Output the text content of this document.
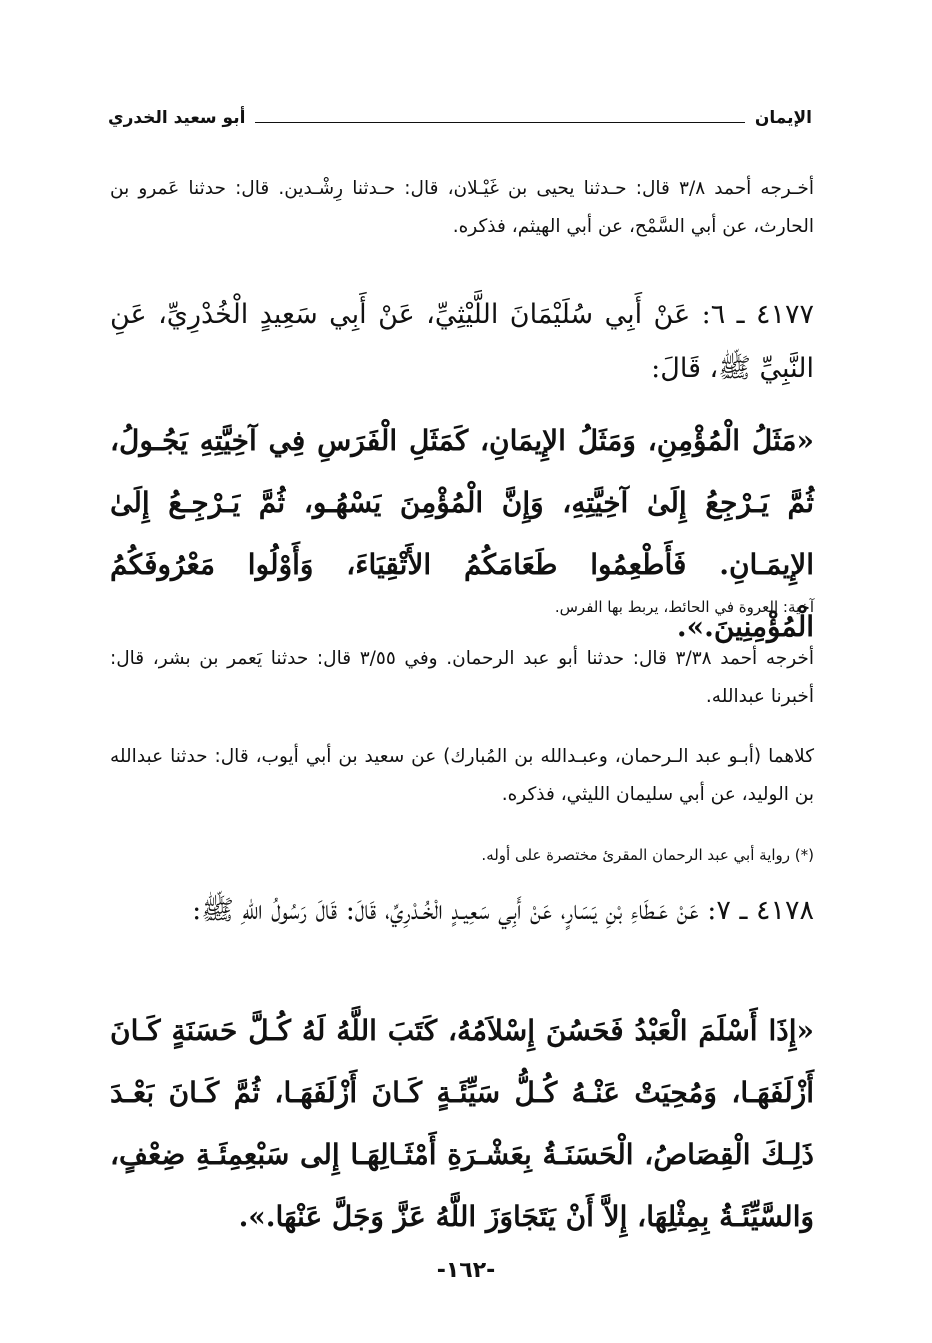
الإيمان
أبو سعيد الخدري

أخـرجه أحمد ٣/٨ قال: حـدثنا يحيى بن غَيْـلان، قال: حـدثنا رِشْـدين. قال: حدثنا عَمرو بن الحارث، عن أبي السَّمْح، عن أبي الهيثم، فذكره.

٤١٧٧ ـ ٦: عَنْ أَبِي سُلَيْمَانَ اللَّيْثِيِّ، عَنْ أَبِي سَعِيدٍ الْخُدْرِيِّ، عَنِ النَّبِيِّ ﷺ، قَالَ:

«مَثَلُ الْمُؤْمِنِ، وَمَثَلُ الإِيمَانِ، كَمَثَلِ الْفَرَسِ فِي آخِيَّتِهِ يَجُـولُ، ثُمَّ يَـرْجِعُ إِلَىٰ آخِيَّتِهِ، وَإِنَّ الْمُؤْمِنَ يَسْهُـو، ثُمَّ يَـرْجِـعُ إِلَىٰ الإِيمَـانِ. فَأَطْعِمُوا طَعَامَكُمُ الأَتْقِيَاءَ، وَأَوْلُوا مَعْرُوفَكُمُ الْمُؤْمِنِينَ.».

آخية: العروة في الحائط، يربط بها الفرس.

أخرجه أحمد ٣/٣٨ قال: حدثنا أبو عبد الرحمان. وفي ٣/٥٥ قال: حدثنا يَعمر بن بشر، قال: أخبرنا عبدالله.

كلاهما (أبـو عبد الـرحمان، وعبـدالله بن المُبارك) عن سعيد بن أبي أيوب، قال: حدثنا عبدالله بن الوليد، عن أبي سليمان الليثي، فذكره.

(*) رواية أبي عبد الرحمان المقرئ مختصرة على أوله.

٤١٧٨ ـ ٧: عَنْ عَـطَاءِ بْنِ يَسَارٍ، عَنْ أَبِي سَعِيـدٍ الْخُـدْرِيِّ، قَالَ: قَالَ رَسُولُ اللهِ ﷺ:

«إِذَا أَسْلَمَ الْعَبْدُ فَحَسُنَ إِسْلاَمُهُ، كَتَبَ اللَّهُ لَهُ كُـلَّ حَسَنَةٍ كَـانَ أَزْلَفَهَـا، وَمُحِيَتْ عَنْـهُ كُـلُّ سَيِّئَـةٍ كَـانَ أَزْلَفَهَـا، ثُمَّ كَـانَ بَعْـدَ ذَلِـكَ الْقِصَاصُ، الْحَسَنَـةُ بِعَشْـرَةِ أَمْثَـالِهَـا إِلى سَبْعِمِئَـةِ ضِعْفٍ، وَالسَّيِّئَـةُ بِمِثْلِهَا، إِلاَّ أَنْ يَتَجَاوَزَ اللَّهُ عَزَّ وَجَلَّ عَنْهَا.».

-١٦٢-
